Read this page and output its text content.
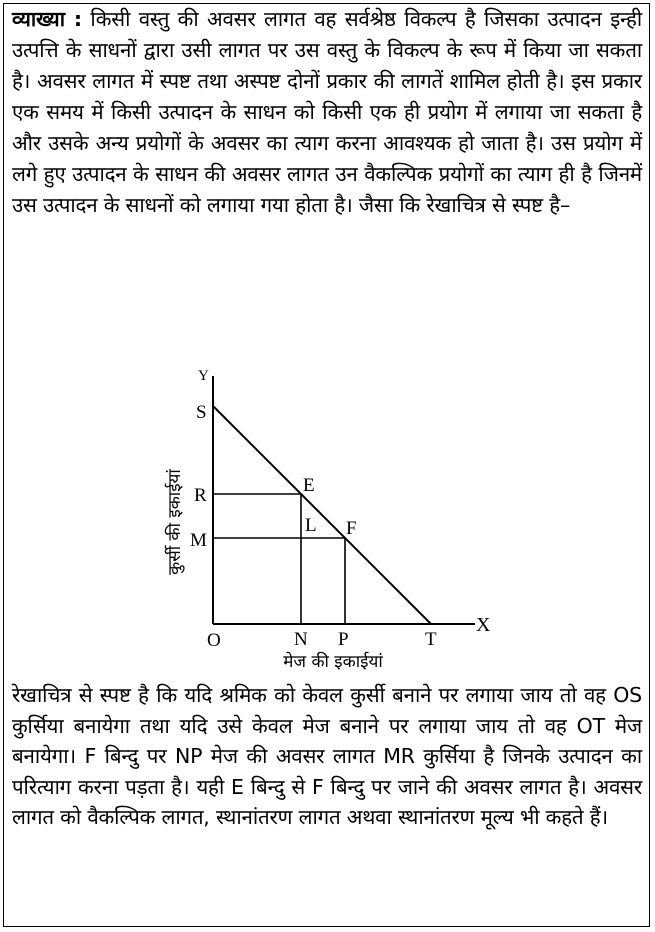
व्याख्या : किसी वस्तु की अवसर लागत वह सर्वश्रेष्ठ विकल्प है जिसका उत्पादन इन्ही उत्पत्ति के साधनों द्वारा उसी लागत पर उस वस्तु के विकल्प के रूप में किया जा सकता है। अवसर लागत में स्पष्ट तथा अस्पष्ट दोनों प्रकार की लागतें शामिल होती है। इस प्रकार एक समय में किसी उत्पादन के साधन को किसी एक ही प्रयोग में लगाया जा सकता है और उसके अन्य प्रयोगों के अवसर का त्याग करना आवश्यक हो जाता है। उस प्रयोग में लगे हुए उत्पादन के साधन की अवसर लागत उन वैकल्पिक प्रयोगों का त्याग ही है जिनमें उस उत्पादन के साधनों को लगाया गया होता है। जैसा कि रेखाचित्र से स्पष्ट है–

Y
X
O
S
R
M
E
L F
N P	T
कुर्सी की इकाईयां
मेज की इकाईयां

रेखाचित्र से स्पष्ट है कि यदि श्रमिक को केवल कुर्सी बनाने पर लगाया जाय तो वह OS कुर्सिया बनायेगा तथा यदि उसे केवल मेज बनाने पर लगाया जाय तो वह OT मेज बनायेगा। F बिन्दु पर NP मेज की अवसर लागत MR कुर्सिया है जिनके उत्पादन का परित्याग करना पड़ता है। यही E बिन्दु से F बिन्दु पर जाने की अवसर लागत है। अवसर लागत को वैकल्पिक लागत, स्थानांतरण लागत अथवा स्थानांतरण मूल्य भी कहते हैं।
